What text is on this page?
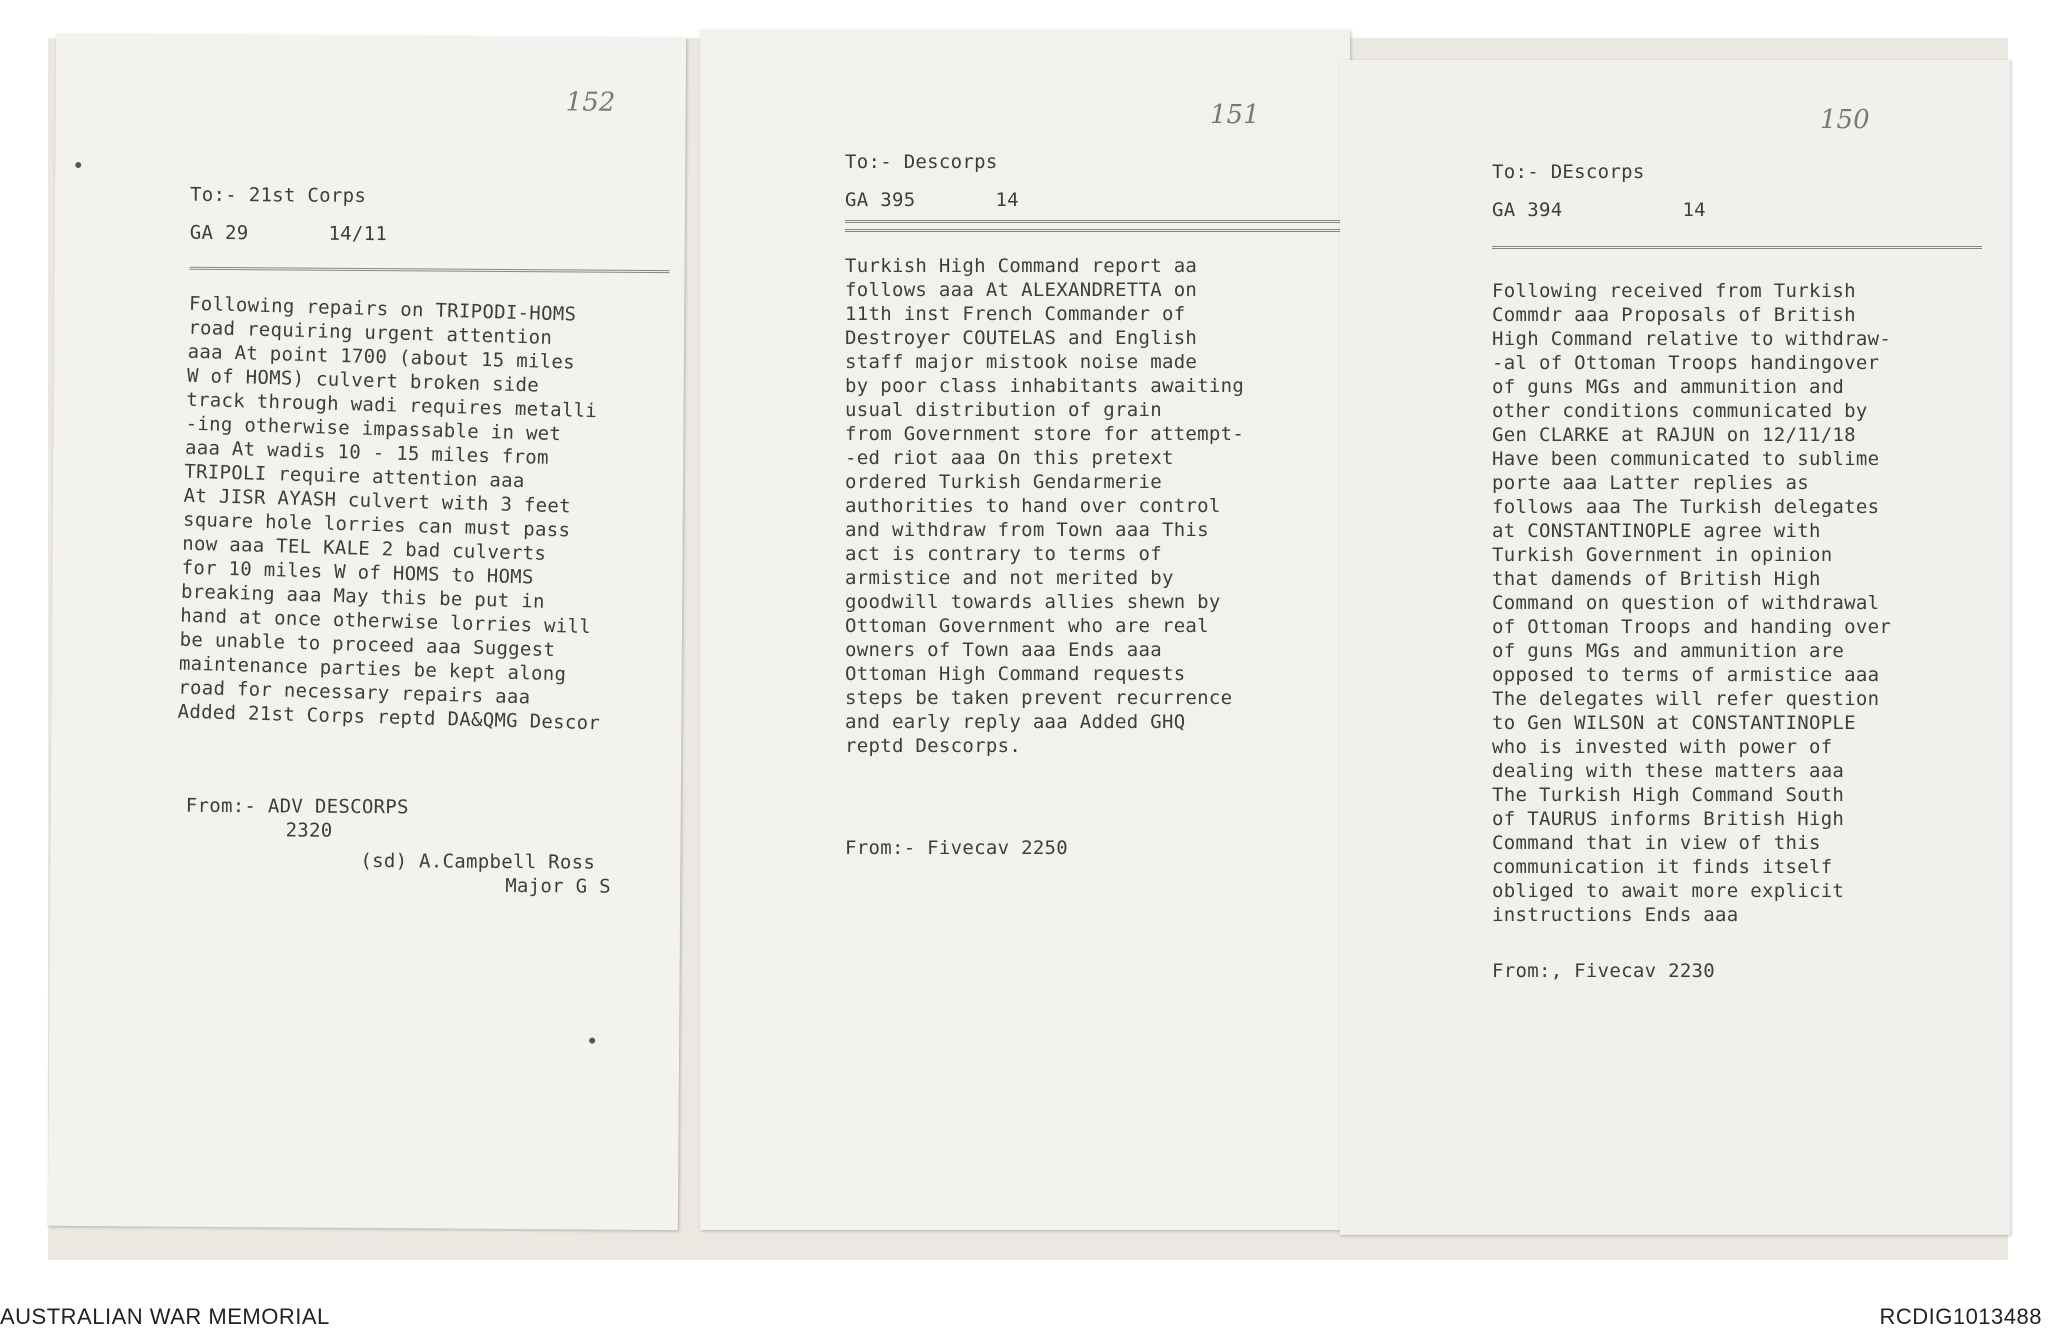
152
To:- 21st Corps
GA 29	14/11
Following repairs on TRIPODI-HOMS
road requiring urgent attention
aaa At point 1700 (about 15 miles
W of HOMS) culvert broken side
track through wadi requires metalli
-ing otherwise impassable in wet
aaa At wadis 10 - 15 miles from
TRIPOLI require attention aaa
At JISR AYASH culvert with 3 feet
square hole lorries can must pass
now aaa TEL KALE 2 bad culverts
for 10 miles W of HOMS to HOMS
breaking aaa May this be put in
hand at once otherwise lorries will
be unable to proceed aaa Suggest
maintenance parties be kept along
road for necessary repairs aaa
Added 21st Corps reptd DA&QMG Descor
From:- ADV DESCORPS
2320
(sd) A.Campbell Ross
Major G S
151
To:- Descorps
GA 395	14
Turkish High Command report aa
follows aaa At ALEXANDRETTA on
11th inst French Commander of
Destroyer COUTELAS and English
staff major mistook noise made
by poor class inhabitants awaiting
usual distribution of grain
from Government store for attempt-
-ed riot aaa On this pretext
ordered Turkish Gendarmerie
authorities to hand over control
and withdraw from Town aaa This
act is contrary to terms of
armistice and not merited by
goodwill towards allies shewn by
Ottoman Government who are real
owners of Town aaa Ends aaa
Ottoman High Command requests
steps be taken prevent recurrence
and early reply aaa Added GHQ
reptd Descorps.
From:- Fivecav 2250
150
To:- DEscorps
GA 394	14
Following received from Turkish
Commdr aaa Proposals of British
High Command relative to withdraw-
-al of Ottoman Troops handingover
of guns MGs and ammunition and
other conditions communicated by
Gen CLARKE at RAJUN on 12/11/18
Have been communicated to sublime
porte aaa Latter replies as
follows aaa The Turkish delegates
at CONSTANTINOPLE agree with
Turkish Government in opinion
that damends of British High
Command on question of withdrawal
of Ottoman Troops and handing over
of guns MGs and ammunition are
opposed to terms of armistice aaa
The delegates will refer question
to Gen WILSON at CONSTANTINOPLE
who is invested with power of
dealing with these matters aaa
The Turkish High Command South
of TAURUS informs British High
Command that in view of this
communication it finds itself
obliged to await more explicit
instructions Ends aaa
From:, Fivecav 2230
AUSTRALIAN WAR MEMORIAL	RCDIG1013488
